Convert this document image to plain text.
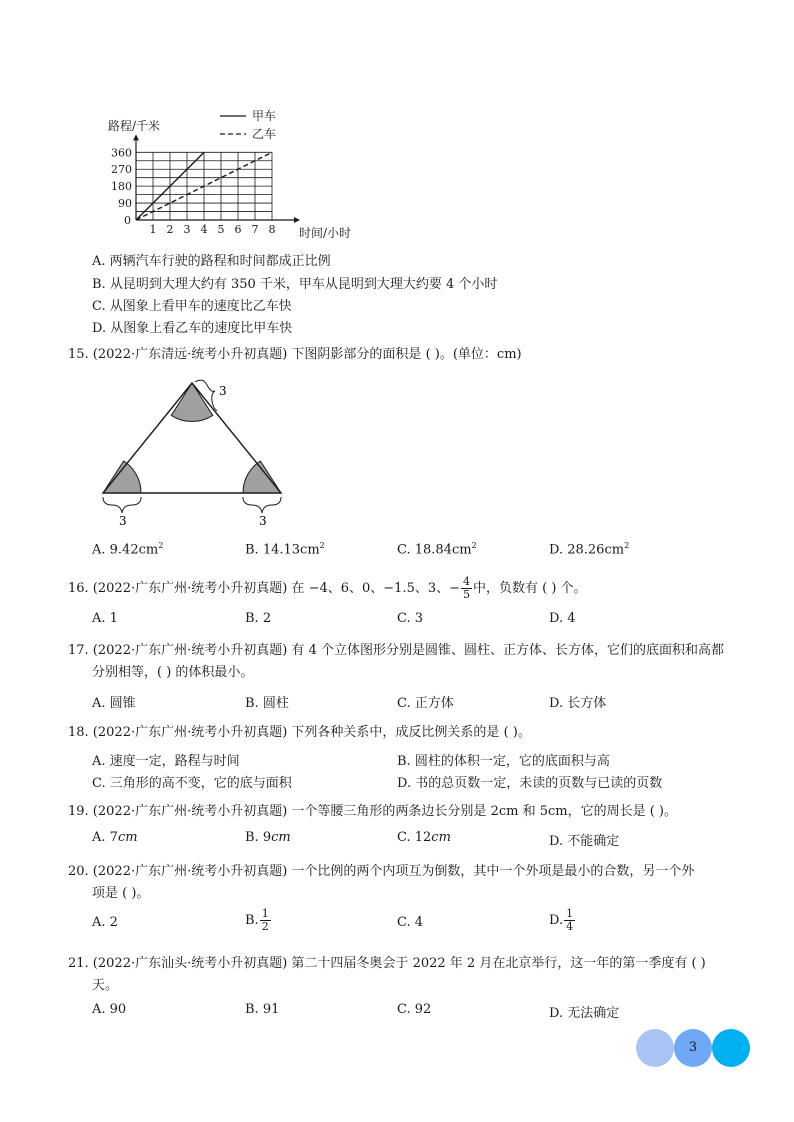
1 2 3 4 5 6 7 8
90
180
270
360
0
路程/千米
时间/小时
甲车
乙车
A. 两辆汽车行驶的路程和时间都成正比例
B. 从昆明到大理大约有 350 千米，甲车从昆明到大理大约要 4 个小时
C. 从图象上看甲车的速度比乙车快
D. 从图象上看乙车的速度比甲车快
15. (2022·广东清远·统考小升初真题) 下图阴影部分的面积是 ( )。(单位：cm)
3
3	3
A. $9.42cm^2$	B. $14.13cm^2$	C. $18.84cm^2$	D. $28.26cm^2$
16. (2022·广东广州·统考小升初真题) 在 −4、6、0、−1.5、3、− $\frac{4}{5}$ 中，负数有 ( ) 个。
A. 1	B. 2	C. 3	D. 4
17. (2022·广东广州·统考小升初真题) 有 4 个立体图形分别是圆锥、圆柱、正方体、长方体，它们的底面积和高都
分别相等，( ) 的体积最小。
A. 圆锥	B. 圆柱	C. 正方体	D. 长方体
18. (2022·广东广州·统考小升初真题) 下列各种关系中，成反比例关系的是 ( )。
A. 速度一定，路程与时间	B. 圆柱的体积一定，它的底面积与高
C. 三角形的高不变，它的底与面积	D. 书的总页数一定，未读的页数与已读的页数
19. (2022·广东广州·统考小升初真题) 一个等腰三角形的两条边长分别是 2cm 和 5cm，它的周长是 ( )。
A. 7cm	B. 9cm	C. 12cm	D. 不能确定
20. (2022·广东广州·统考小升初真题) 一个比例的两个内项互为倒数，其中一个外项是最小的合数，另一个外
项是 ( )。
A. 2	B. $\frac{1}{2}$	C. 4	D. $\frac{1}{4}$
21. (2022·广东汕头·统考小升初真题) 第二十四届冬奥会于 2022 年 2 月在北京举行，这一年的第一季度有 ( )
天。
A. 90	B. 91	C. 92	D. 无法确定
3
